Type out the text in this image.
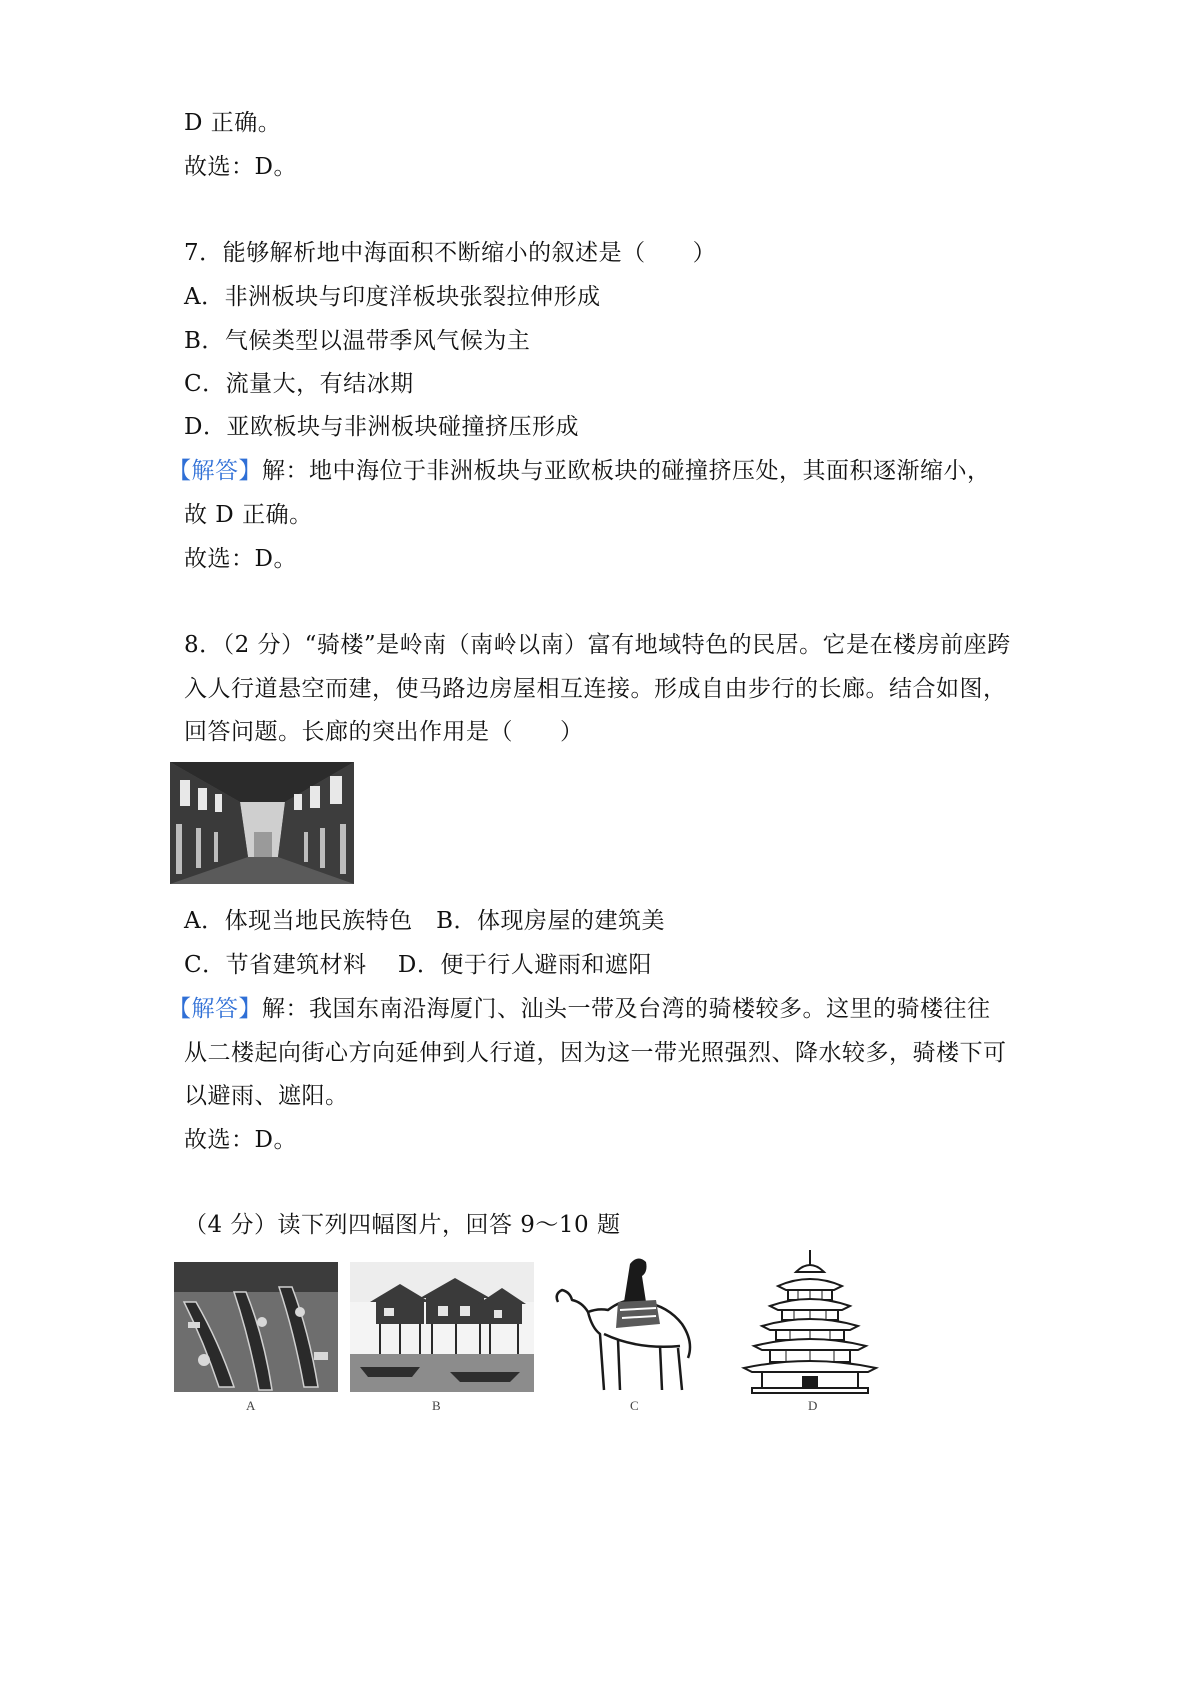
D 正确。
故选：D。
7．能够解析地中海面积不断缩小的叙述是（　　）
A．非洲板块与印度洋板块张裂拉伸形成
B．气候类型以温带季风气候为主
C．流量大，有结冰期
D．亚欧板块与非洲板块碰撞挤压形成
【解答】解：地中海位于非洲板块与亚欧板块的碰撞挤压处，其面积逐渐缩小，
故 D 正确。
故选：D。
8．（2 分）“骑楼”是岭南（南岭以南）富有地域特色的民居。它是在楼房前座跨
入人行道悬空而建，使马路边房屋相互连接。形成自由步行的长廊。结合如图，
回答问题。长廊的突出作用是（　　）
A．体现当地民族特色　B．体现房屋的建筑美
C．节省建筑材料　 D．便于行人避雨和遮阳
【解答】解：我国东南沿海厦门、汕头一带及台湾的骑楼较多。这里的骑楼往往
从二楼起向街心方向延伸到人行道，因为这一带光照强烈、降水较多，骑楼下可
以避雨、遮阳。
故选：D。
（4 分）读下列四幅图片，回答 9～10 题
A	B	C	D
